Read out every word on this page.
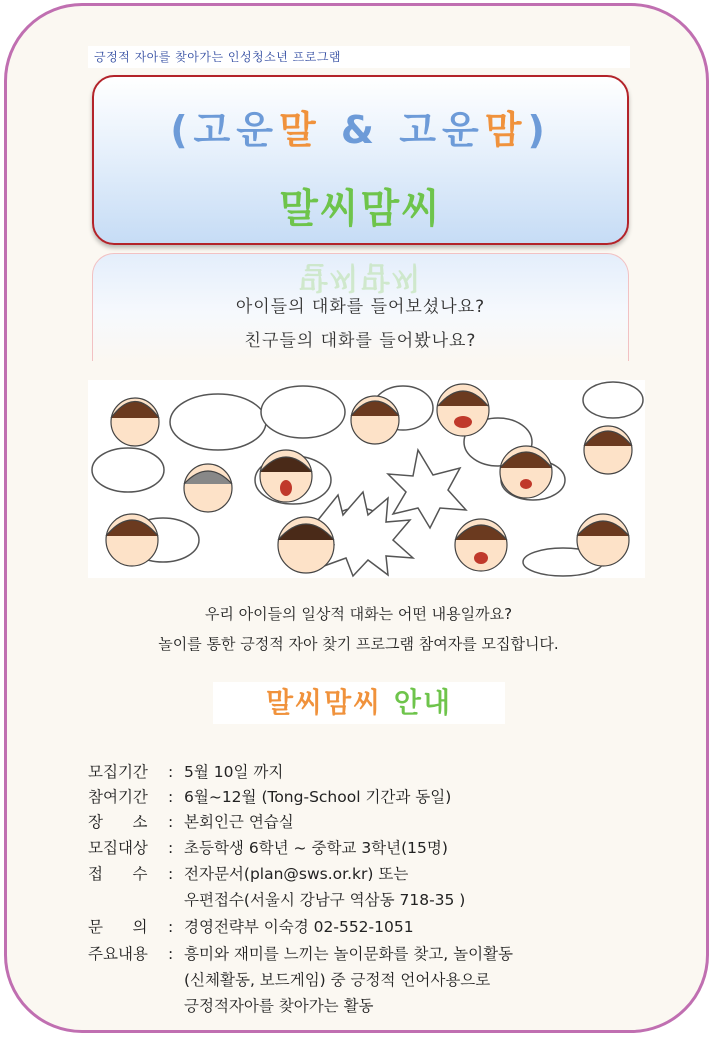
긍정적 자아를 찾아가는 인성청소년 프로그램
(고운말 & 고운맘)
말씨맘씨
말씨맘씨
아이들의 대화를 들어보셨나요?
친구들의 대화를 들어봤나요?
우리 아이들의 일상적 대화는 어떤 내용일까요?
놀이를 통한 긍정적 자아 찾기 프로그램 참여자를 모집합니다.
말씨맘씨 안내
모집기간 : 5월 10일 까지
참여기간 : 6월~12월 (Tong-School 기간과 동일)
장      소 : 본회인근 연습실
모집대상 : 초등학생 6학년 ~ 중학교 3학년(15명)
접      수 : 전자문서(plan@sws.or.kr) 또는
우편접수(서울시 강남구 역삼동 718-35 )
문      의 : 경영전략부 이숙경 02-552-1051
주요내용 : 흥미와 재미를 느끼는 놀이문화를 찾고, 놀이활동
(신체활동, 보드게임) 중 긍정적 언어사용으로
긍정적자아를 찾아가는 활동
